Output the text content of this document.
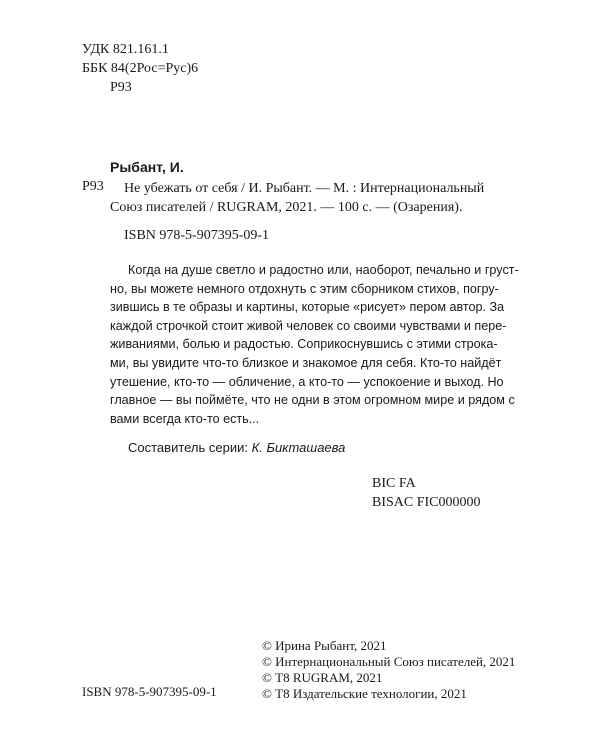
УДК 821.161.1
ББК 84(2Рос=Рус)6
Р93
Рыбант, И.
Р93	Не убежать от себя / И. Рыбант. — М. : Интернациональный
Союз писателей / RUGRAM, 2021. — 100 с. — (Озарения).
ISBN 978-5-907395-09-1
Когда на душе светло и радостно или, наоборот, печально и груст-
но, вы можете немного отдохнуть с этим сборником стихов, погру-
зившись в те образы и картины, которые «рисует» пером автор. За
каждой строчкой стоит живой человек со своими чувствами и пере-
живаниями, болью и радостью. Соприкоснувшись с этими строка-
ми, вы увидите что-то близкое и знакомое для себя. Кто-то найдёт
утешение, кто-то — обличение, а кто-то — успокоение и выход. Но
главное — вы поймёте, что не одни в этом огромном мире и рядом с
вами всегда кто-то есть...
Составитель серии: К. Бикташаева
BIC FA
BISAC FIC000000
ISBN 978-5-907395-09-1
© Ирина Рыбант, 2021
© Интернациональный Союз писателей, 2021
© Т8 RUGRAM, 2021
© Т8 Издательские технологии, 2021
